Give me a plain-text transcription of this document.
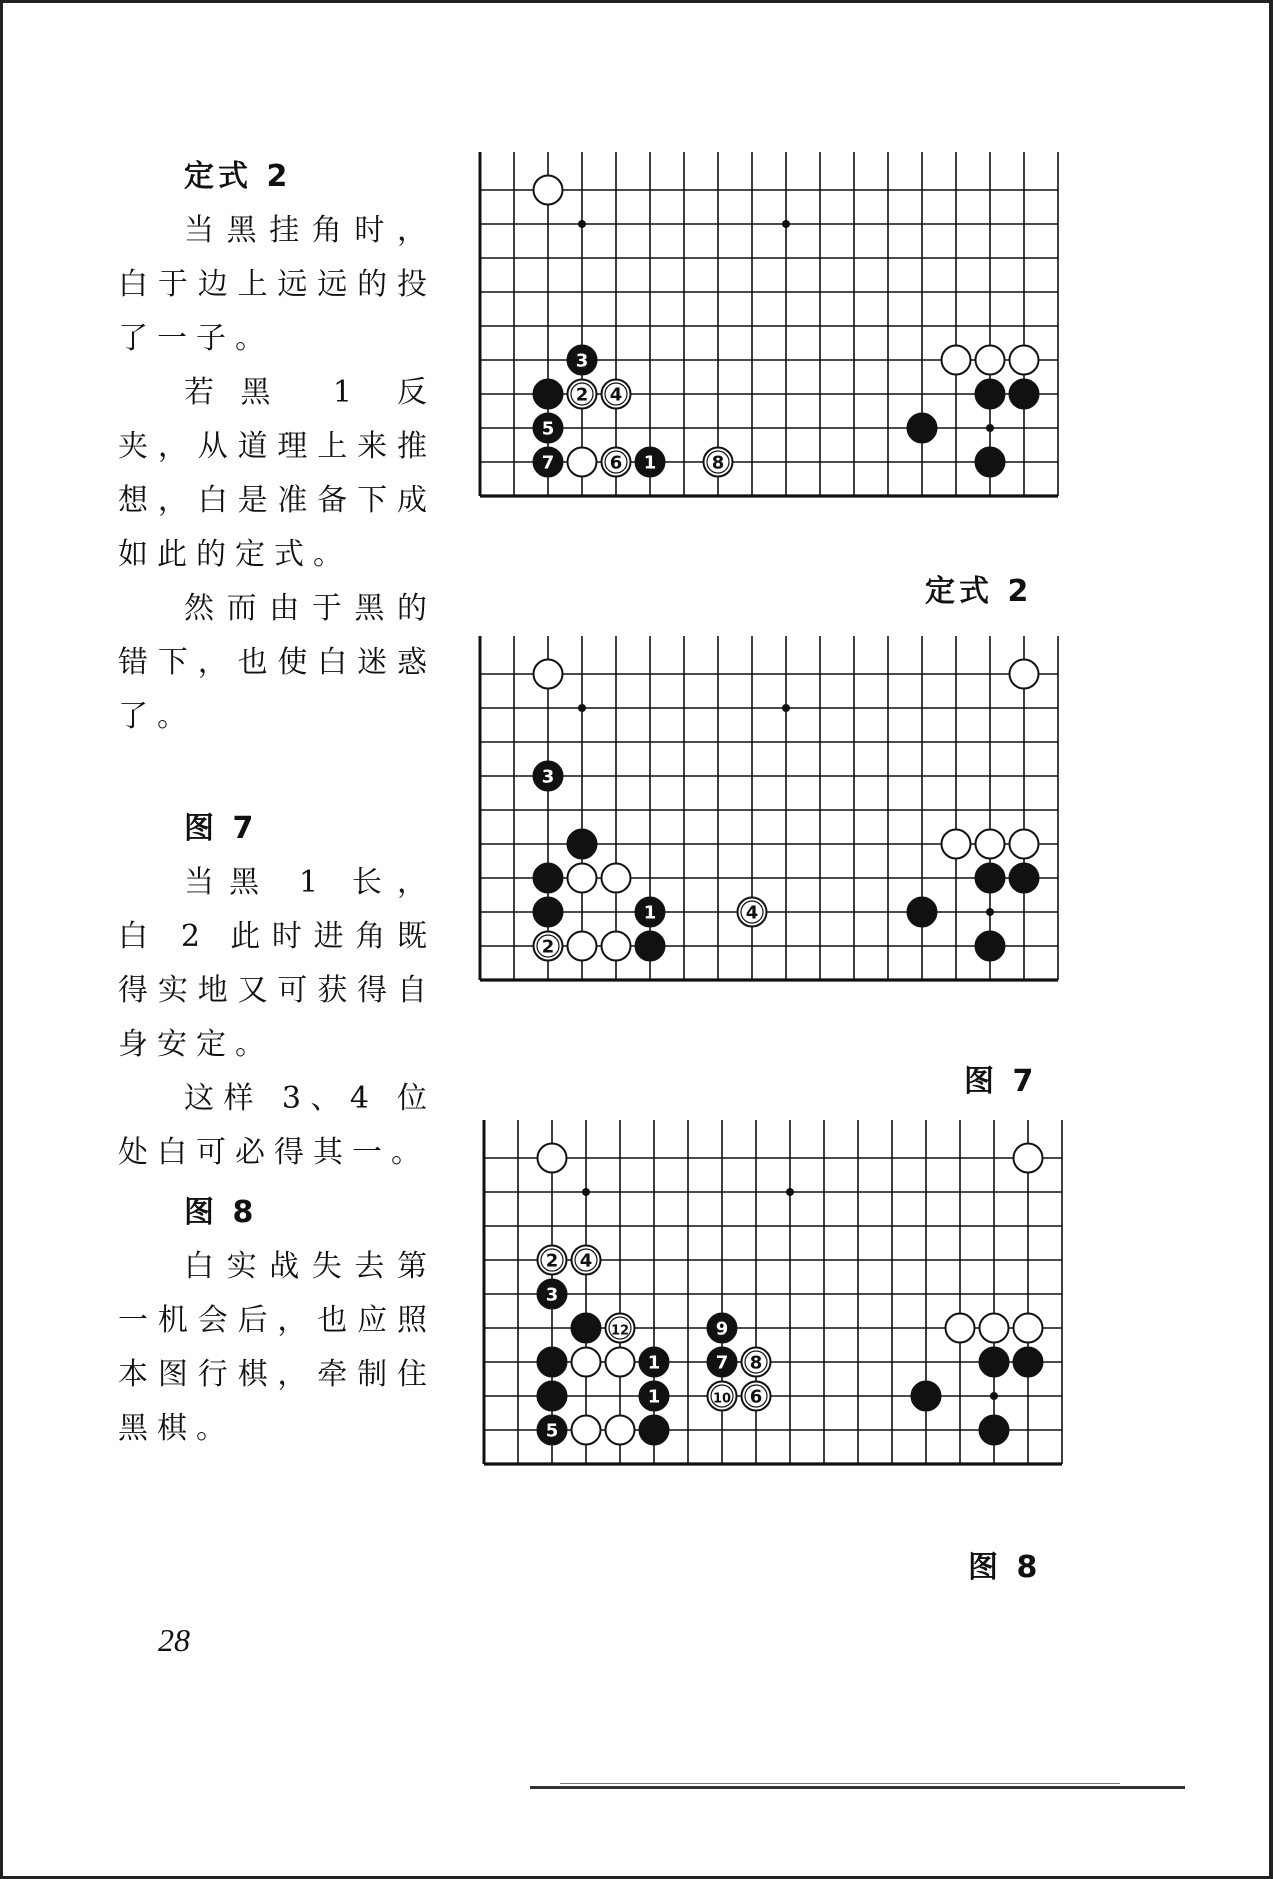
定式 2

当黑挂角时，白于边上远远的投了一子。

若黑 1 反夹，从道理上来推想，白是准备下成如此的定式。

然而由于黑的错下，也使白迷惑了。

图 7

当黑 1 长，白 2 此时进角既得实地又可获得自身安定。

这样 3、4 位处白可必得其一。

图 8

白实战失去第一机会后，也应照本图行棋，牵制住黑棋。

3
2 4
5
7	6 1	8
定式 2
3
1	4
2
图 7
2 4
3
12	9
1	7 8
1	10 6
5
图 8
28
